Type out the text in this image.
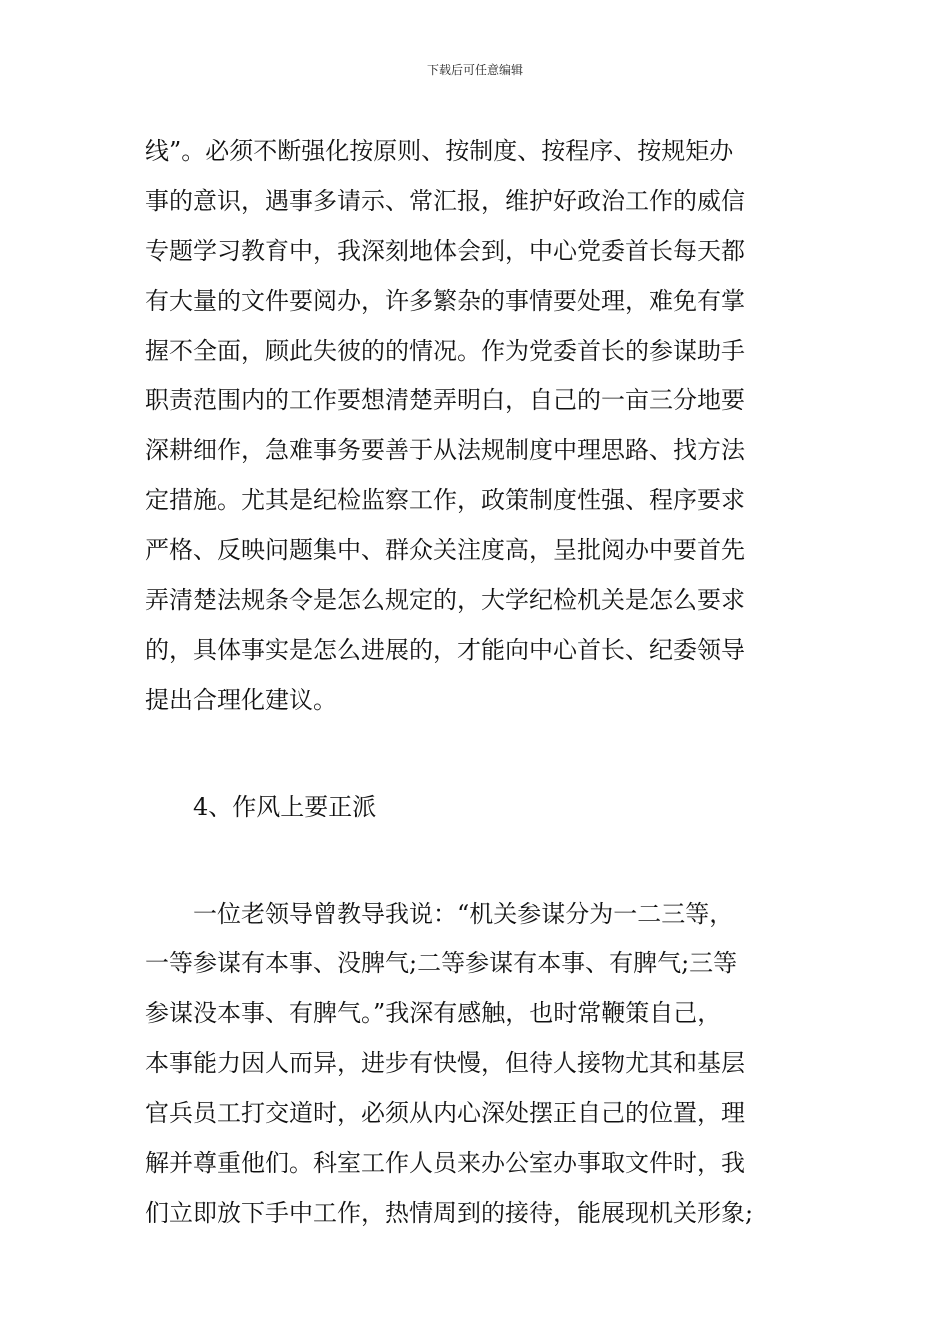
下载后可任意编辑
线”。必须不断强化按原则、按制度、按程序、按规矩办
事的意识，遇事多请示、常汇报，维护好政治工作的威信
专题学习教育中，我深刻地体会到，中心党委首长每天都
有大量的文件要阅办，许多繁杂的事情要处理，难免有掌
握不全面，顾此失彼的的情况。作为党委首长的参谋助手
职责范围内的工作要想清楚弄明白，自己的一亩三分地要
深耕细作，急难事务要善于从法规制度中理思路、找方法
定措施。尤其是纪检监察工作，政策制度性强、程序要求
严格、反映问题集中、群众关注度高，呈批阅办中要首先
弄清楚法规条令是怎么规定的，大学纪检机关是怎么要求
的，具体事实是怎么进展的，才能向中心首长、纪委领导
提出合理化建议。
4、作风上要正派
一位老领导曾教导我说：“机关参谋分为一二三等，
一等参谋有本事、没脾气;二等参谋有本事、有脾气;三等
参谋没本事、有脾气。”我深有感触，也时常鞭策自己，
本事能力因人而异，进步有快慢，但待人接物尤其和基层
官兵员工打交道时，必须从内心深处摆正自己的位置，理
解并尊重他们。科室工作人员来办公室办事取文件时，我
们立即放下手中工作，热情周到的接待，能展现机关形象;
